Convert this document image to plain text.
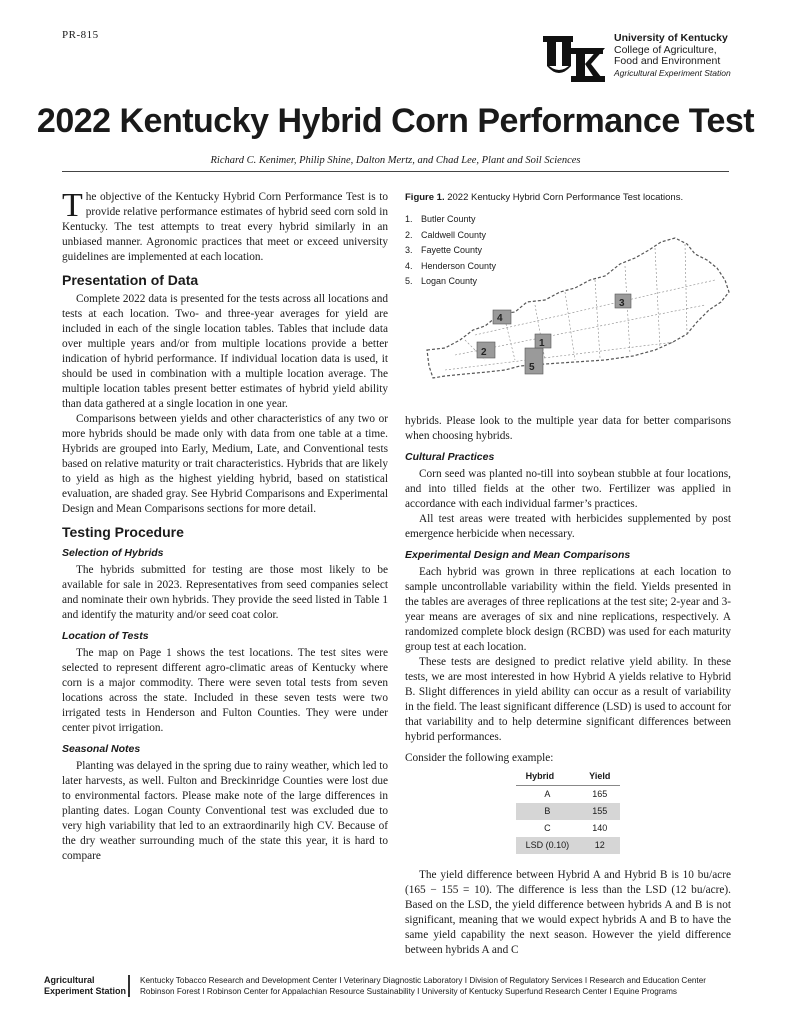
PR-815	University of Kentucky
College of Agriculture,
Food and Environment
Agricultural Experiment Station
2022 Kentucky Hybrid Corn Performance Test
Richard C. Kenimer, Philip Shine, Dalton Mertz, and Chad Lee, Plant and Soil Sciences

The objective of the Kentucky Hybrid Corn Performance Test is to provide relative performance estimates of hybrid seed corn sold in Kentucky. The test attempts to treat every hybrid similarly in an unbiased manner. Agronomic practices that meet or exceed university guidelines are implemented at each location.

Presentation of Data

Complete 2022 data is presented for the tests across all locations and tests at each location. Two- and three-year averages for yield are included in each of the single location tables. Tables that include data over multiple years and/or from multiple locations provide a better indication of hybrid performance. If individual location data is used, it should be used in combination with a multiple location average. The multiple location tables present better estimates of hybrid yield ability than data gathered at a single location in one year.

Comparisons between yields and other characteristics of any two or more hybrids should be made only with data from one table at a time. Hybrids are grouped into Early, Medium, Late, and Conventional tests based on relative maturity or trait characteristics. Hybrids that are likely to yield as high as the highest yielding hybrid, based on statistical evaluation, are shaded gray. See Hybrid Comparisons and Experimental Design and Mean Comparisons sections for more detail.

Testing Procedure
Selection of Hybrids

The hybrids submitted for testing are those most likely to be available for sale in 2023. Representatives from seed companies select and nominate their own hybrids. They provide the seed listed in Table 1 and identify the maturity and/or seed coat color.

Location of Tests

The map on Page 1 shows the test locations. The test sites were selected to represent different agro-climatic areas of Kentucky where corn is a major commodity. There were seven total tests from seven locations across the state. Included in these seven tests were two irrigated tests in Henderson and Fulton Counties. They were under center pivot irrigation.

Seasonal Notes

Planting was delayed in the spring due to rainy weather, which led to later harvests, as well. Fulton and Breckinridge Counties were lost due to environmental factors. Please make note of the large differences in planting dates. Logan County Conventional test was excluded due to very high variability that led to an extraordinarily high CV. Because of the dry weather surrounding much of the state this year, it is hard to compare

Figure 1. 2022 Kentucky Hybrid Corn Performance Test locations.
1. Butler County
2. Caldwell County
3. Fayette County
4. Henderson County
5. Logan County
1
2
3
4
5

hybrids. Please look to the multiple year data for better comparisons when choosing hybrids.

Cultural Practices

Corn seed was planted no-till into soybean stubble at four locations, and into tilled fields at the other two. Fertilizer was applied in accordance with each individual farmer’s practices.

All test areas were treated with herbicides supplemented by post emergence herbicide when necessary.

Experimental Design and Mean Comparisons

Each hybrid was grown in three replications at each location to sample uncontrollable variability within the field. Yields presented in the tables are averages of three replications at the test site; 2-year and 3-year means are averages of six and nine replications, respectively. A randomized complete block design (RCBD) was used for each maturity group test at each location.

These tests are designed to predict relative yield ability. In these tests, we are most interested in how Hybrid A yields relative to Hybrid B. Slight differences in yield ability can occur as a result of variability in the field. The least significant difference (LSD) is used to account for that variability and to help determine significant differences between hybrid performances.

Consider the following example:

Hybrid	Yield
A	165
B	155
C	140
LSD (0.10)	12

The yield difference between Hybrid A and Hybrid B is 10 bu/acre (165 − 155 = 10). The difference is less than the LSD (12 bu/acre). Based on the LSD, the yield difference between hybrids A and B is not significant, meaning that we would expect hybrids A and B to have the same yield capability the next season. However the yield difference between hybrids A and C

Agricultural
Experiment Station
Kentucky Tobacco Research and Development Center I Veterinary Diagnostic Laboratory I Division of Regulatory Services I Research and Education Center
Robinson Forest I Robinson Center for Appalachian Resource Sustainability I University of Kentucky Superfund Research Center I Equine Programs
